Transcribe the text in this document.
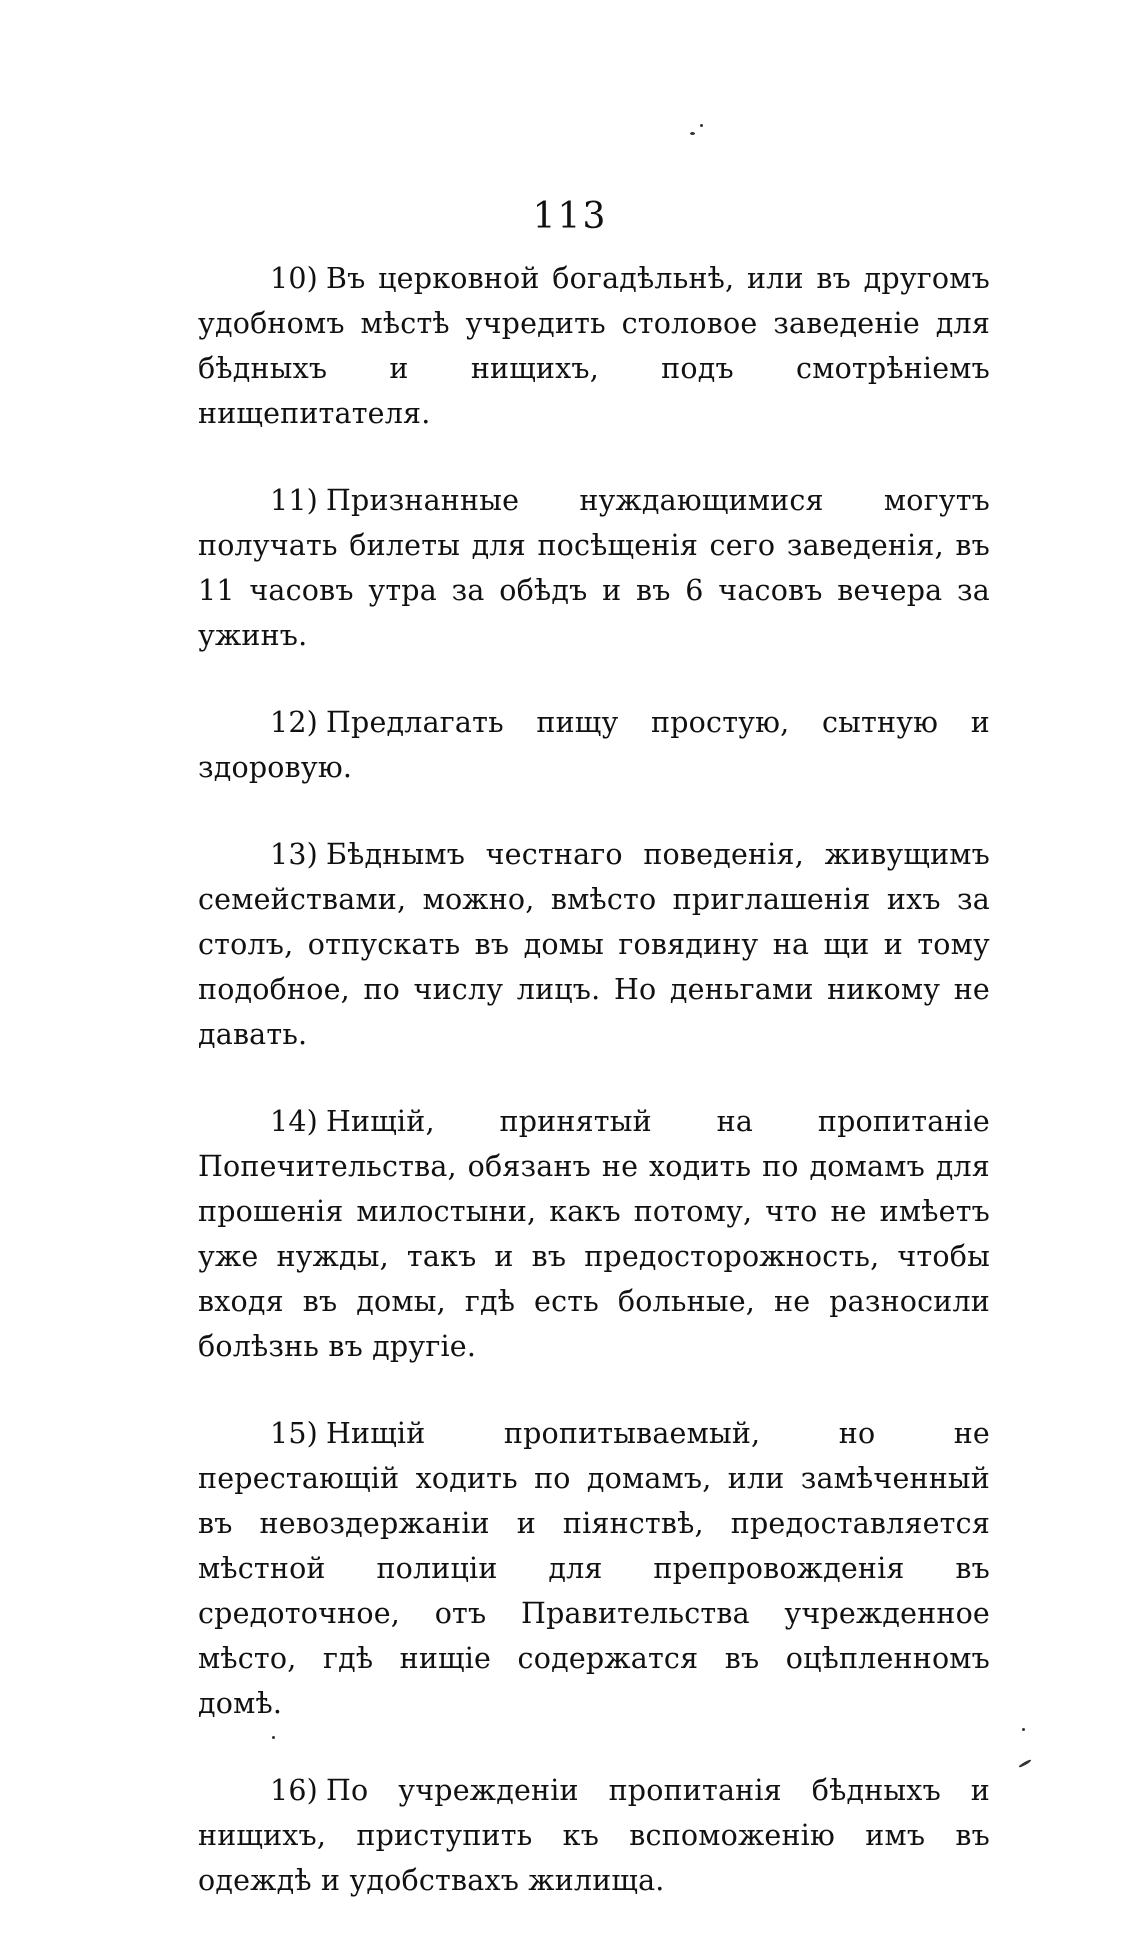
113

10) Въ церковной богадѣльнѣ, или въ другомъ удобномъ мѣстѣ учредить столовое заведеніе для бѣдныхъ и нищихъ, подъ смотрѣніемъ нищепитателя.

11) Признанные нуждающимися могутъ получать билеты для посѣщенія сего заведенія, въ 11 часовъ утра за обѣдъ и въ 6 часовъ вечера за ужинъ.

12) Предлагать пищу простую, сытную и здоровую.

13) Бѣднымъ честнаго поведенія, живущимъ семействами, можно, вмѣсто приглашенія ихъ за столъ, отпускать въ домы говядину на щи и тому подобное, по числу лицъ. Но деньгами никому не давать.

14) Нищій, принятый на пропитаніе Попечительства, обязанъ не ходить по домамъ для прошенія милостыни, какъ потому, что не имѣетъ уже нужды, такъ и въ предосторожность, чтобы входя въ домы, гдѣ есть больные, не разносили болѣзнь въ другіе.

15) Нищій пропитываемый, но не перестающій ходить по домамъ, или замѣченный въ невоздержаніи и піянствѣ, предоставляется мѣстной полиціи для препровожденія въ средоточное, отъ Правительства учрежденное мѣсто, гдѣ нищіе содержатся въ оцѣпленномъ домѣ.

16) По учрежденіи пропитанія бѣдныхъ и нищихъ, приступить къ вспоможенію имъ въ одеждѣ и удобствахъ жилища.
